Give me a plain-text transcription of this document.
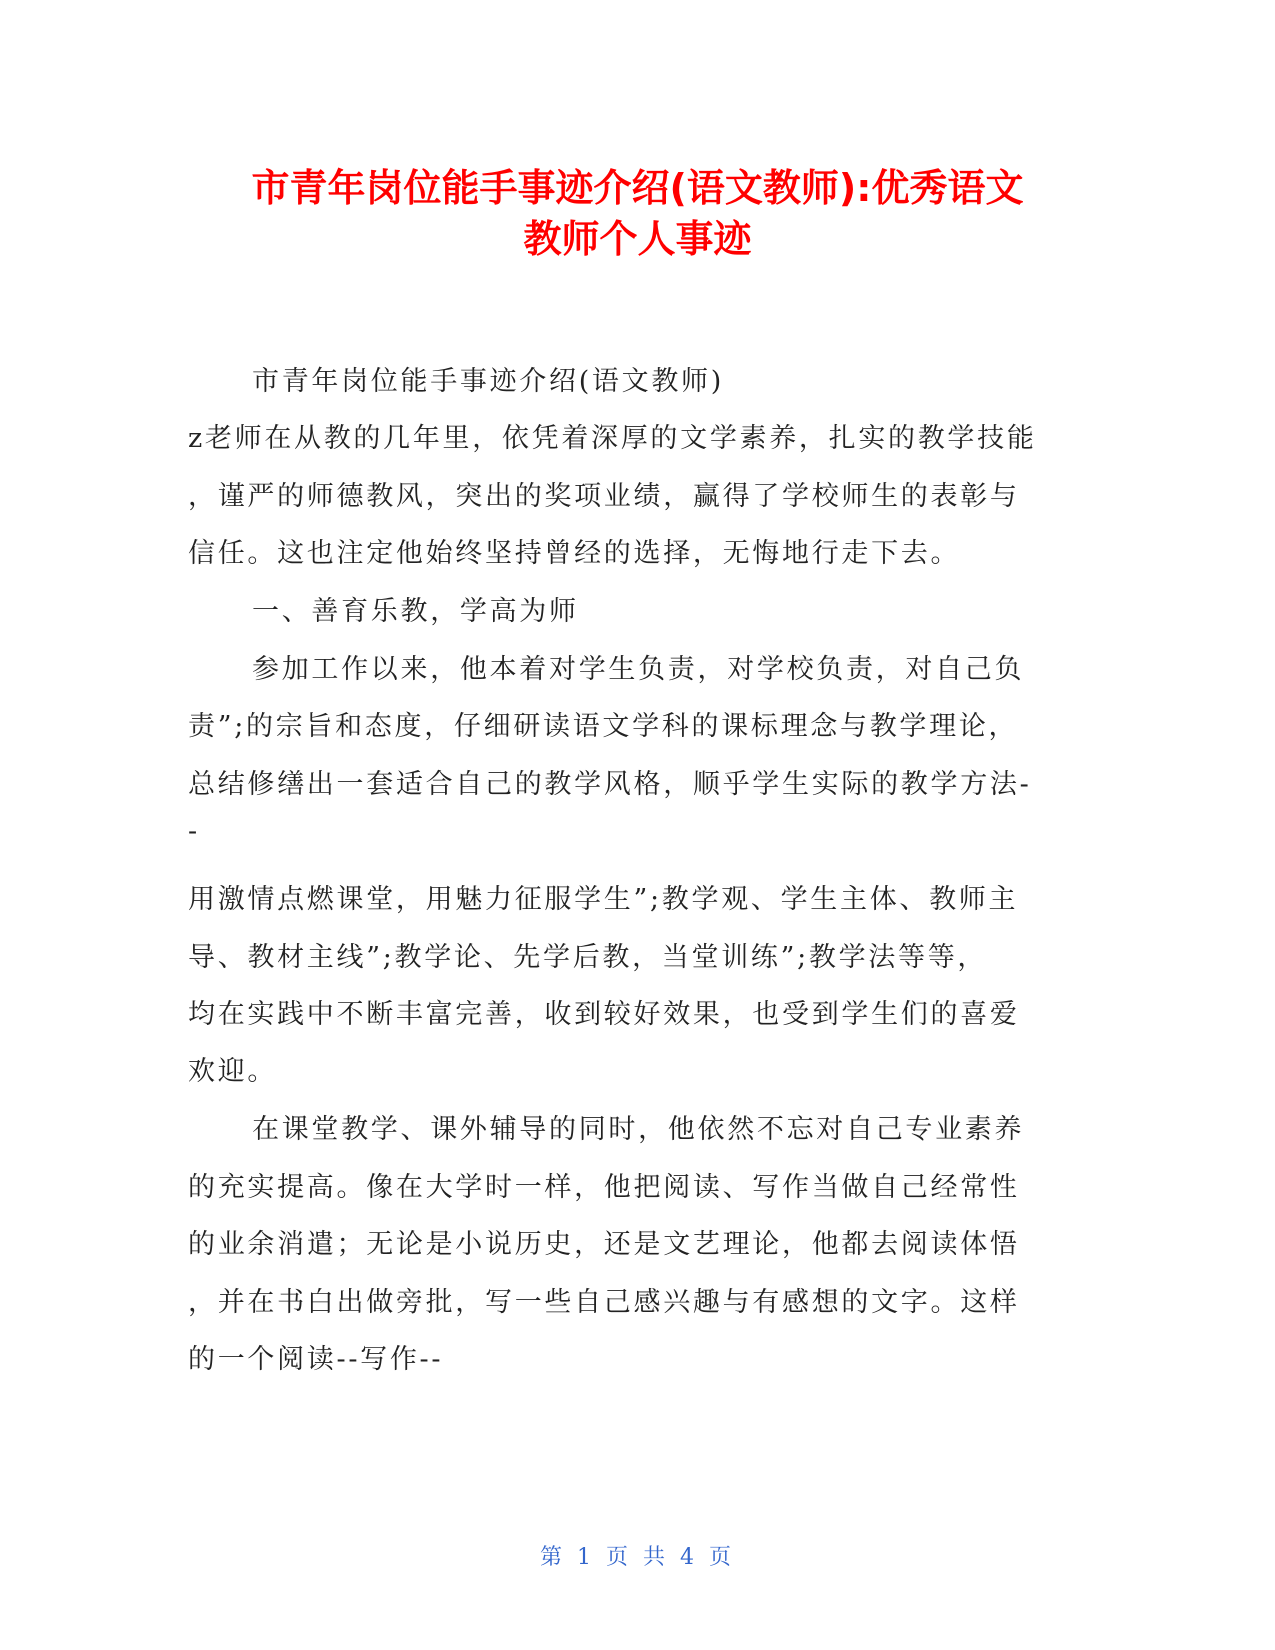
市青年岗位能手事迹介绍(语文教师):优秀语文
教师个人事迹
市青年岗位能手事迹介绍(语文教师)
z老师在从教的几年里，依凭着深厚的文学素养，扎实的教学技能
，谨严的师德教风，突出的奖项业绩，赢得了学校师生的表彰与
信任。这也注定他始终坚持曾经的选择，无悔地行走下去。
一、善育乐教，学高为师
参加工作以来，他本着对学生负责，对学校负责，对自己负
责”;的宗旨和态度，仔细研读语文学科的课标理念与教学理论，
总结修缮出一套适合自己的教学风格，顺乎学生实际的教学方法-
-
用激情点燃课堂，用魅力征服学生”;教学观、学生主体、教师主
导、教材主线”;教学论、先学后教，当堂训练”;教学法等等，
均在实践中不断丰富完善，收到较好效果，也受到学生们的喜爱
欢迎。
在课堂教学、课外辅导的同时，他依然不忘对自己专业素养
的充实提高。像在大学时一样，他把阅读、写作当做自己经常性
的业余消遣；无论是小说历史，还是文艺理论，他都去阅读体悟
，并在书白出做旁批，写一些自己感兴趣与有感想的文字。这样
的一个阅读--写作--
第 1 页 共 4 页
